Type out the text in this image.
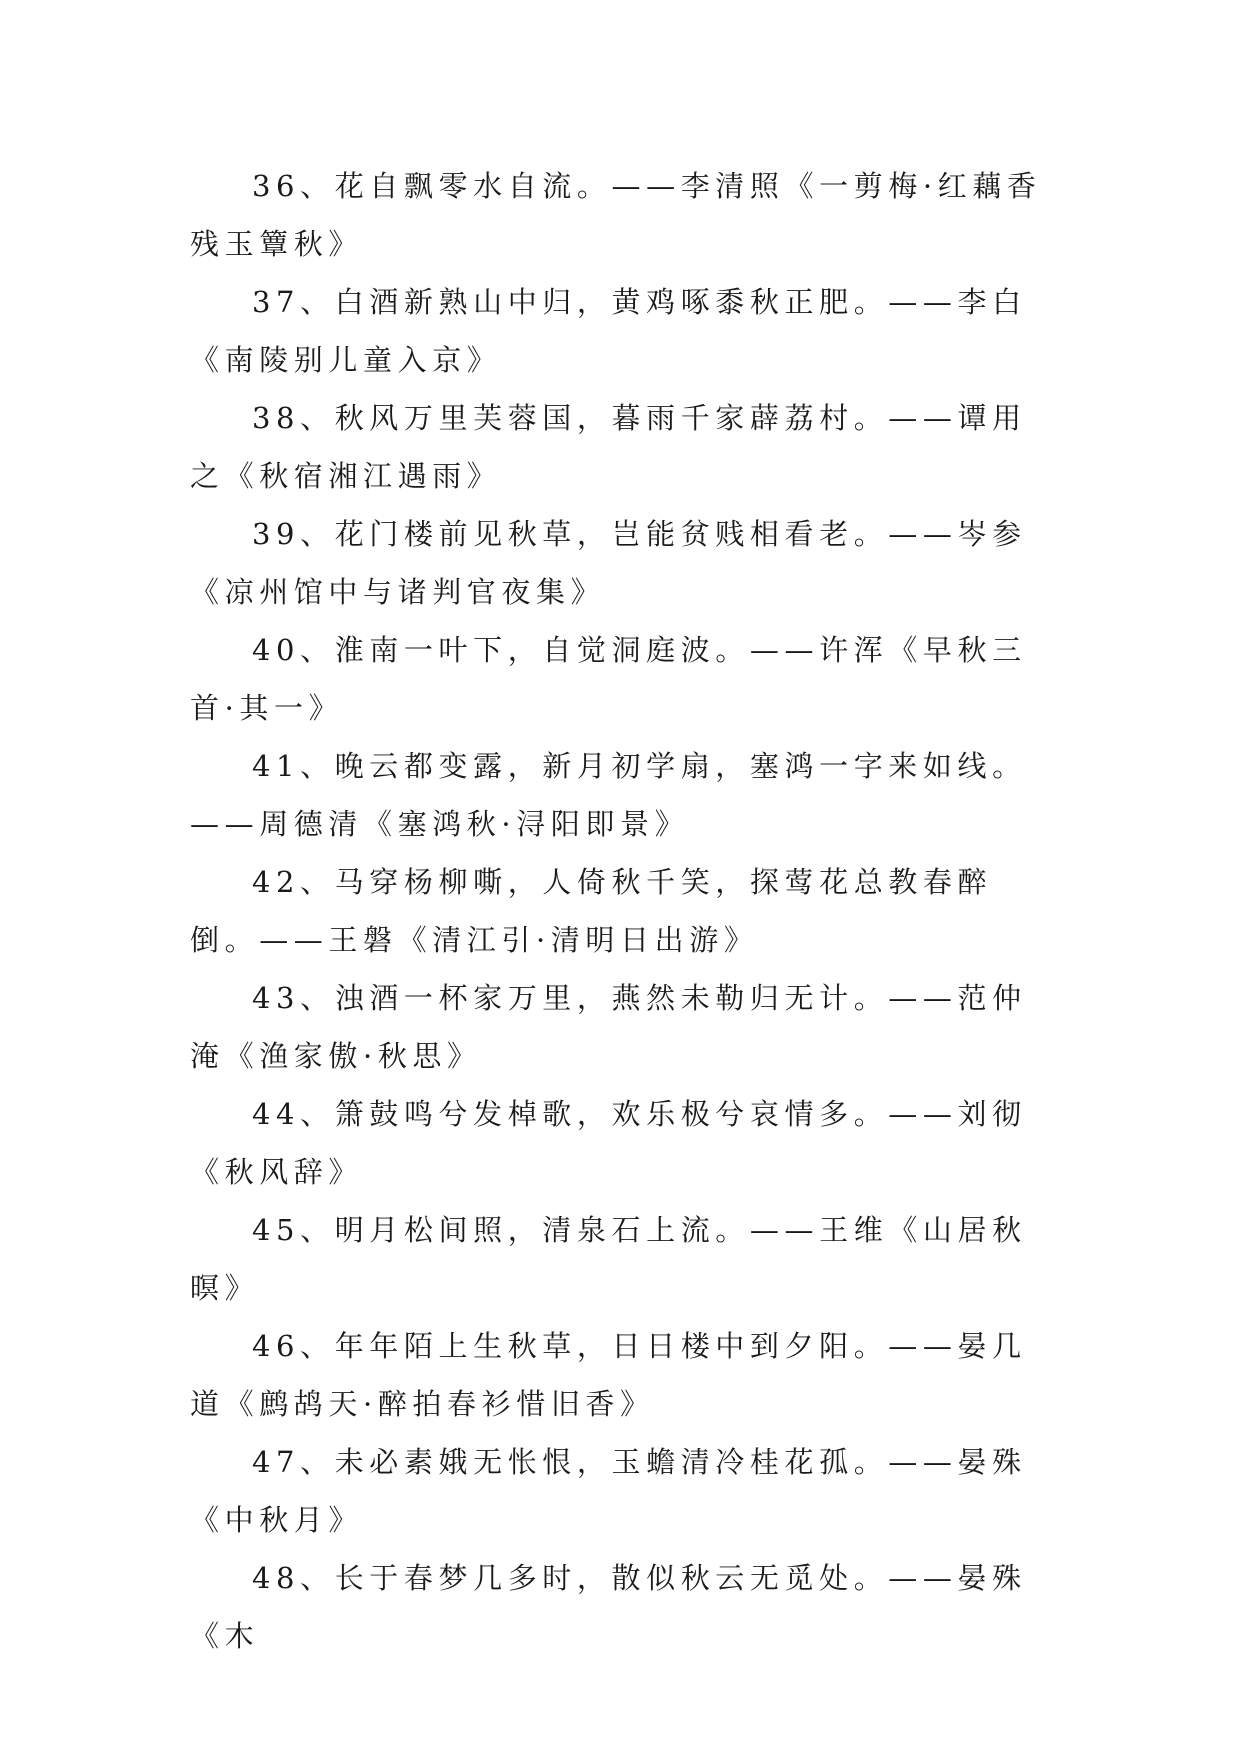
36、花自飘零水自流。——李清照《一剪梅·红藕香残玉簟秋》

37、白酒新熟山中归，黄鸡啄黍秋正肥。——李白《南陵别儿童入京》

38、秋风万里芙蓉国，暮雨千家薜荔村。——谭用之《秋宿湘江遇雨》

39、花门楼前见秋草，岂能贫贱相看老。——岑参《凉州馆中与诸判官夜集》

40、淮南一叶下，自觉洞庭波。——许浑《早秋三首·其一》

41、晚云都变露，新月初学扇，塞鸿一字来如线。——周德清《塞鸿秋·浔阳即景》

42、马穿杨柳嘶，人倚秋千笑，探莺花总教春醉倒。——王磐《清江引·清明日出游》

43、浊酒一杯家万里，燕然未勒归无计。——范仲淹《渔家傲·秋思》

44、箫鼓鸣兮发棹歌，欢乐极兮哀情多。——刘彻《秋风辞》

45、明月松间照，清泉石上流。——王维《山居秋暝》

46、年年陌上生秋草，日日楼中到夕阳。——晏几道《鹧鸪天·醉拍春衫惜旧香》

47、未必素娥无怅恨，玉蟾清冷桂花孤。——晏殊《中秋月》

48、长于春梦几多时，散似秋云无觅处。——晏殊《木
